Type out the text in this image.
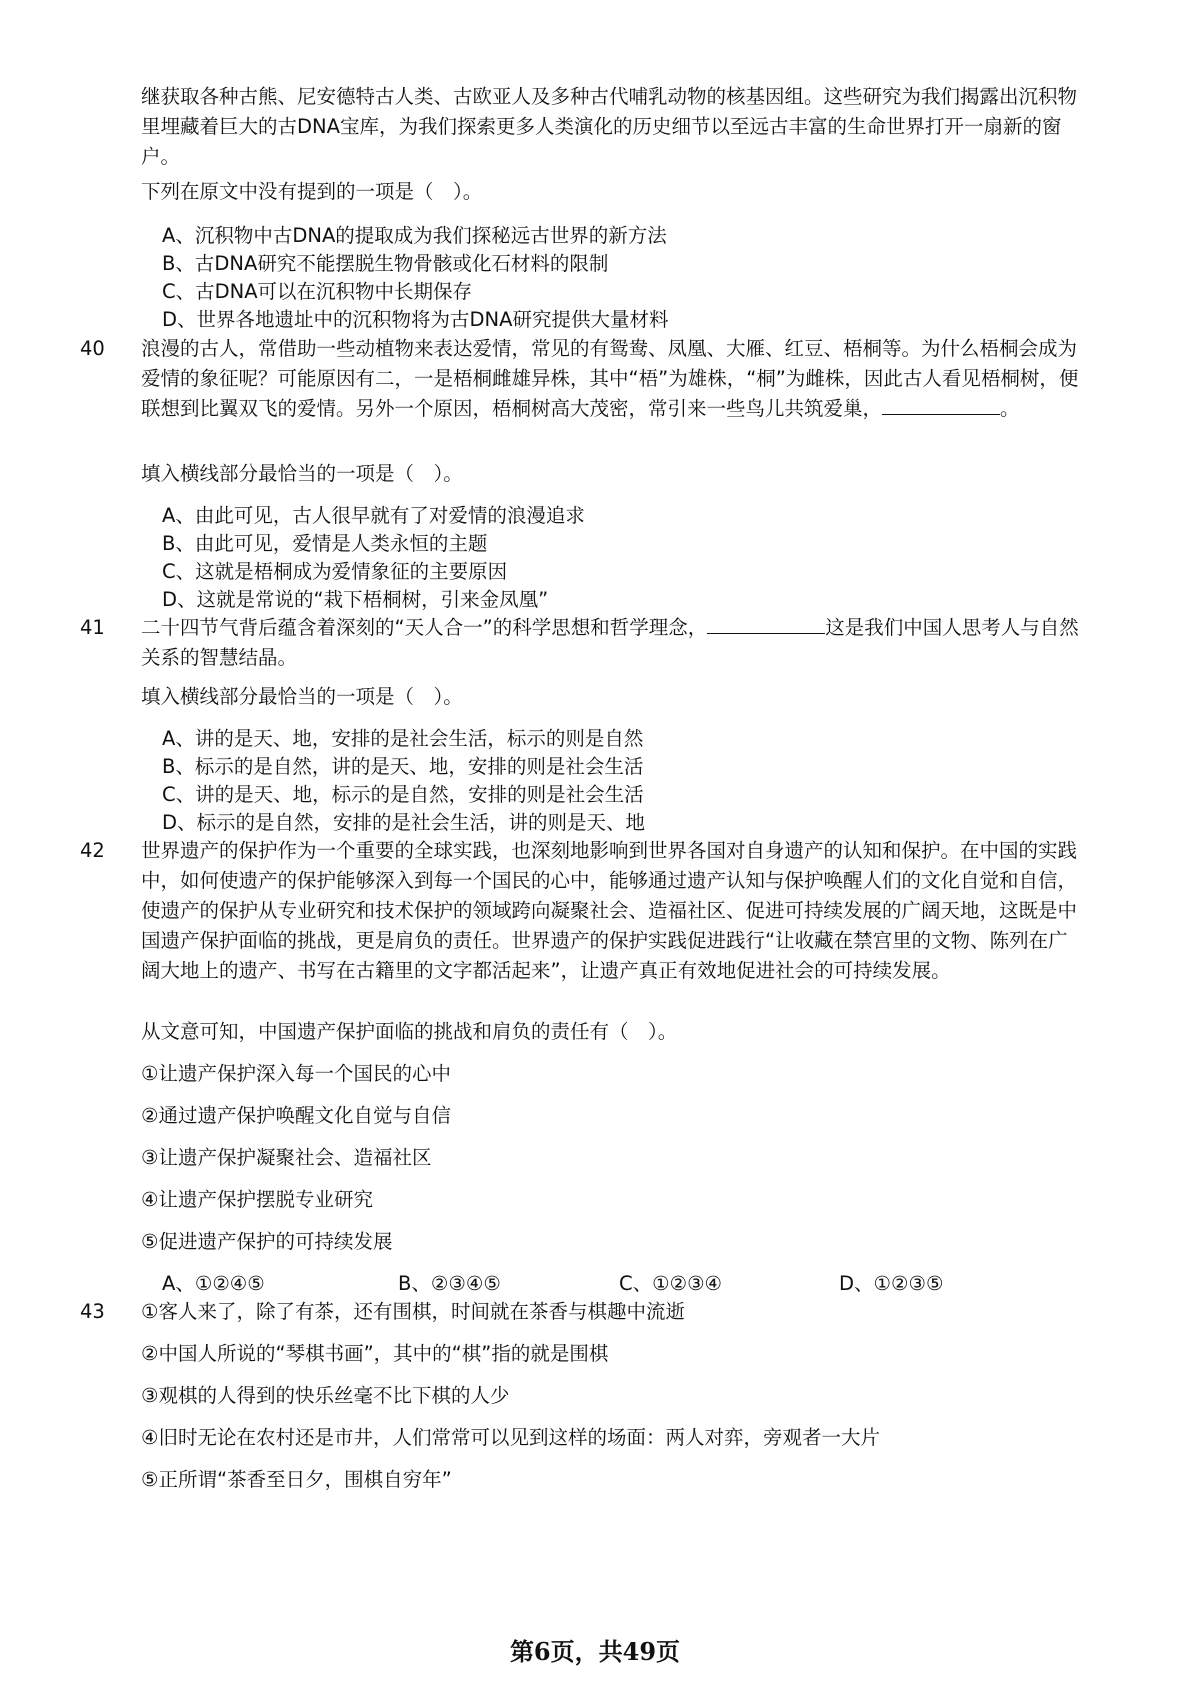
继获取各种古熊、尼安德特古人类、古欧亚人及多种古代哺乳动物的核基因组。这些研究为我们揭露出沉积物里埋藏着巨大的古DNA宝库，为我们探索更多人类演化的历史细节以至远古丰富的生命世界打开一扇新的窗户。

下列在原文中没有提到的一项是（　）。

A、沉积物中古DNA的提取成为我们探秘远古世界的新方法
B、古DNA研究不能摆脱生物骨骸或化石材料的限制
C、古DNA可以在沉积物中长期保存
D、世界各地遗址中的沉积物将为古DNA研究提供大量材料
40 浪漫的古人，常借助一些动植物来表达爱情，常见的有鸳鸯、凤凰、大雁、红豆、梧桐等。为什么梧桐会成为爱情的象征呢？可能原因有二，一是梧桐雌雄异株，其中“梧”为雄株，“桐”为雌株，因此古人看见梧桐树，便联想到比翼双飞的爱情。另外一个原因，梧桐树高大茂密，常引来一些鸟儿共筑爱巢，	。

填入横线部分最恰当的一项是（　）。

A、由此可见，古人很早就有了对爱情的浪漫追求
B、由此可见，爱情是人类永恒的主题
C、这就是梧桐成为爱情象征的主要原因
D、这就是常说的“栽下梧桐树，引来金凤凰”
41 二十四节气背后蕴含着深刻的“天人合一”的科学思想和哲学理念，	这是我们中国人思考人与自然关系的智慧结晶。

填入横线部分最恰当的一项是（　）。

A、讲的是天、地，安排的是社会生活，标示的则是自然
B、标示的是自然，讲的是天、地，安排的则是社会生活
C、讲的是天、地，标示的是自然，安排的则是社会生活
D、标示的是自然，安排的是社会生活，讲的则是天、地
42 世界遗产的保护作为一个重要的全球实践，也深刻地影响到世界各国对自身遗产的认知和保护。在中国的实践中，如何使遗产的保护能够深入到每一个国民的心中，能够通过遗产认知与保护唤醒人们的文化自觉和自信，使遗产的保护从专业研究和技术保护的领域跨向凝聚社会、造福社区、促进可持续发展的广阔天地，这既是中国遗产保护面临的挑战，更是肩负的责任。世界遗产的保护实践促进践行“让收藏在禁宫里的文物、陈列在广阔大地上的遗产、书写在古籍里的文字都活起来”，让遗产真正有效地促进社会的可持续发展。

从文意可知，中国遗产保护面临的挑战和肩负的责任有（　）。

①让遗产保护深入每一个国民的心中

②通过遗产保护唤醒文化自觉与自信

③让遗产保护凝聚社会、造福社区

④让遗产保护摆脱专业研究

⑤促进遗产保护的可持续发展

A、①②④⑤	B、②③④⑤	C、①②③④	D、①②③⑤
43 ①客人来了，除了有茶，还有围棋，时间就在茶香与棋趣中流逝

②中国人所说的“琴棋书画”，其中的“棋”指的就是围棋

③观棋的人得到的快乐丝毫不比下棋的人少

④旧时无论在农村还是市井，人们常常可以见到这样的场面：两人对弈，旁观者一大片

⑤正所谓“茶香至日夕，围棋自穷年”

第6页，共49页
